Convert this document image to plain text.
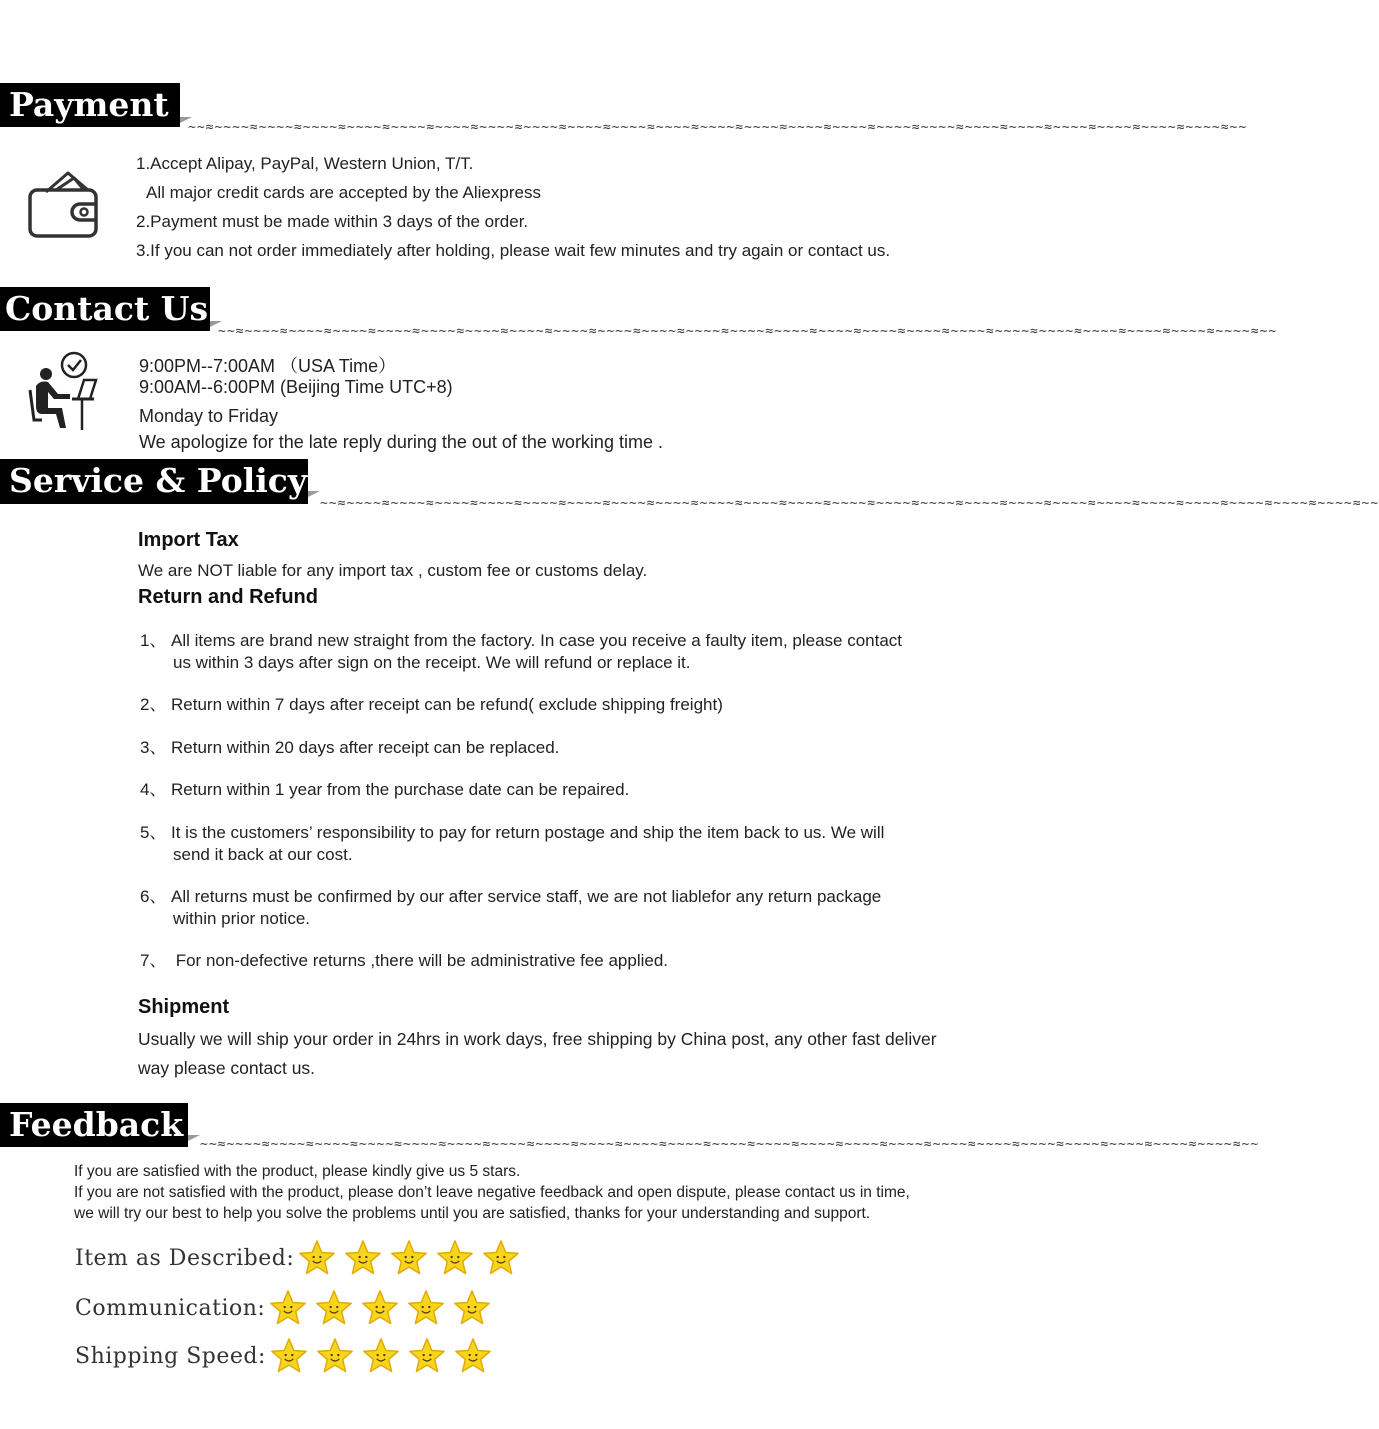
Payment
~~≈~~~~≈~~~~≈~~~~≈~~~~≈~~~~≈~~~~≈~~~~≈~~~~≈~~~~≈~~~~≈~~~~≈~~~~≈~~~~≈~~~~≈~~~~≈~~~~≈~~~~≈~~~~≈~~~~≈~~~~≈~~~~≈~~~~≈~~~~≈~~
1.Accept Alipay, PayPal, Western Union, T/T.
All major credit cards are accepted by the Aliexpress
2.Payment must be made within 3 days of the order.
3.If you can not order immediately after holding, please wait few minutes and try again or contact us.
Contact Us
~~≈~~~~≈~~~~≈~~~~≈~~~~≈~~~~≈~~~~≈~~~~≈~~~~≈~~~~≈~~~~≈~~~~≈~~~~≈~~~~≈~~~~≈~~~~≈~~~~≈~~~~≈~~~~≈~~~~≈~~~~≈~~~~≈~~~~≈~~~~≈~~
9:00PM--7:00AM （USA Time）
9:00AM--6:00PM (Beijing Time UTC+8)
Monday to Friday
We apologize for the late reply during the out of the working time .
Service & Policy
~~≈~~~~≈~~~~≈~~~~≈~~~~≈~~~~≈~~~~≈~~~~≈~~~~≈~~~~≈~~~~≈~~~~≈~~~~≈~~~~≈~~~~≈~~~~≈~~~~≈~~~~≈~~~~≈~~~~≈~~~~≈~~~~≈~~~~≈~~~~≈~~
Import Tax
We are NOT liable for any import tax , custom fee or customs delay.
Return and Refund
1、 All items are brand new straight from the factory. In case you receive a faulty item, please contact
us within 3 days after sign on the receipt. We will refund or replace it.
2、 Return within 7 days after receipt can be refund( exclude shipping freight)
3、 Return within 20 days after receipt can be replaced.
4、 Return within 1 year from the purchase date can be repaired.
5、 It is the customers’ responsibility to pay for return postage and ship the item back to us. We will
send it back at our cost.
6、 All returns must be confirmed by our after service staff, we are not liablefor any return package
within prior notice.
7、 For non-defective returns ,there will be administrative fee applied.
Shipment
Usually we will ship your order in 24hrs in work days, free shipping by China post, any other fast deliver
way please contact us.
Feedback
~~≈~~~~≈~~~~≈~~~~≈~~~~≈~~~~≈~~~~≈~~~~≈~~~~≈~~~~≈~~~~≈~~~~≈~~~~≈~~~~≈~~~~≈~~~~≈~~~~≈~~~~≈~~~~≈~~~~≈~~~~≈~~~~≈~~~~≈~~~~≈~~
If you are satisfied with the product, please kindly give us 5 stars.
If you are not satisfied with the product, please don’t leave negative feedback and open dispute, please contact us in time,
we will try our best to help you solve the problems until you are satisfied, thanks for your understanding and support.
Item as Described:
Communication:
Shipping Speed:
